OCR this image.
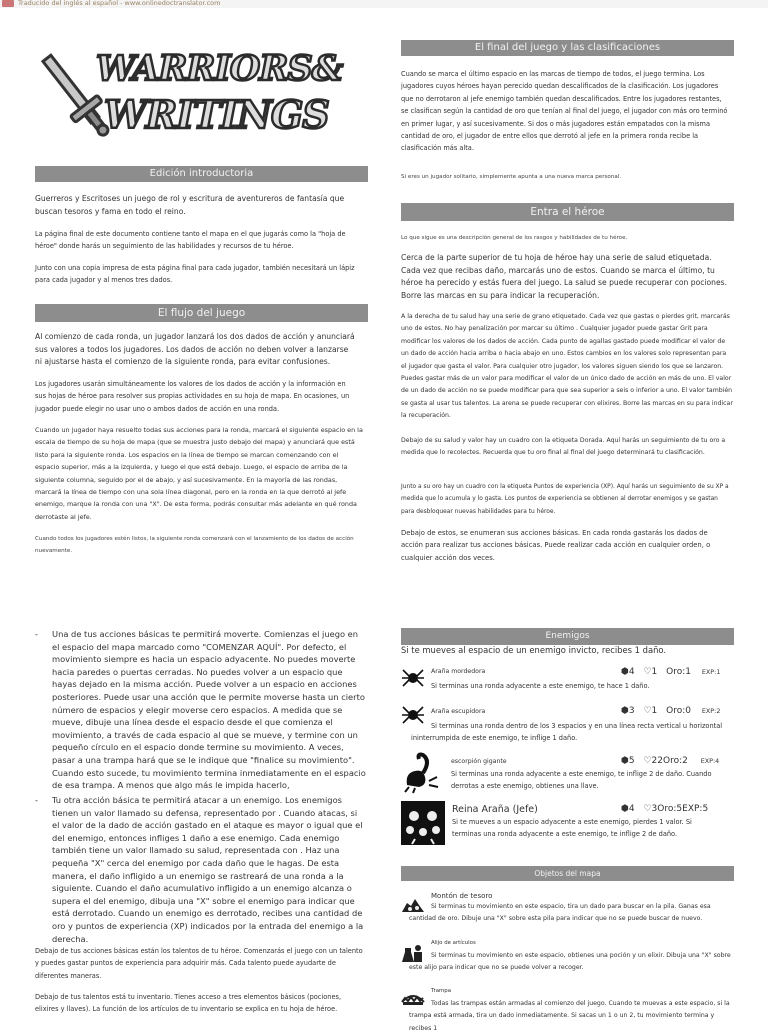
Traducido del inglés al español - www.onlinedoctranslator.com
WARRIORS&
WRITINGS
Edición introductoria
Guerreros y Escritoses un juego de rol y escritura de aventureros de fantasía que buscan tesoros y fama en todo el reino.
La página final de este documento contiene tanto el mapa en el que jugarás como la "hoja de héroe" donde harás un seguimiento de las habilidades y recursos de tu héroe.
Junto con una copia impresa de esta página final para cada jugador, también necesitará un lápiz para cada jugador y al menos tres dados.
El flujo del juego
Al comienzo de cada ronda, un jugador lanzará los dos dados de acción y anunciará sus valores a todos los jugadores. Los dados de acción no deben volver a lanzarse ni ajustarse hasta el comienzo de la siguiente ronda, para evitar confusiones.
Los jugadores usarán simultáneamente los valores de los dados de acción y la información en sus hojas de héroe para resolver sus propias actividades en su hoja de mapa. En ocasiones, un jugador puede elegir no usar uno o ambos dados de acción en una ronda.
Cuando un jugador haya resuelto todas sus acciones para la ronda, marcará el siguiente espacio en la escala de tiempo de su hoja de mapa (que se muestra justo debajo del mapa) y anunciará que está listo para la siguiente ronda. Los espacios en la línea de tiempo se marcan comenzando con el espacio superior, más a la izquierda, y luego el que está debajo. Luego, el espacio de arriba de la siguiente columna, seguido por el de abajo, y así sucesivamente. En la mayoría de las rondas, marcará la línea de tiempo con una sola línea diagonal, pero en la ronda en la que derrotó al jefe enemigo, marque la ronda con una "X". De esta forma, podrás consultar más adelante en qué ronda derrotaste al jefe.
Cuando todos los jugadores estén listos, la siguiente ronda comenzará con el lanzamiento de los dados de acción nuevamente.
- Una de tus acciones básicas te permitirá moverte. Comienzas el juego en el espacio del mapa marcado como "COMENZAR AQUÍ". Por defecto, el movimiento siempre es hacia un espacio adyacente. No puedes moverte hacia paredes o puertas cerradas. No puedes volver a un espacio que hayas dejado en la misma acción. Puede volver a un espacio en acciones posteriores. Puede usar una acción que le permite moverse hasta un cierto número de espacios y elegir moverse cero espacios. A medida que se mueve, dibuje una línea desde el espacio desde el que comienza el movimiento, a través de cada espacio al que se mueve, y termine con un pequeño círculo en el espacio donde termine su movimiento. A veces, pasar a una trampa hará que se le indique que "finalice su movimiento". Cuando esto sucede, tu movimiento termina inmediatamente en el espacio de esa trampa. A menos que algo más le impida hacerlo,
- Tu otra acción básica te permitirá atacar a un enemigo. Los enemigos tienen un valor llamado su defensa, representado por . Cuando atacas, si el valor de la dado de acción gastado en el ataque es mayor o igual que el del enemigo, entonces infliges 1 daño a ese enemigo. Cada enemigo también tiene un valor llamado su salud, representada con . Haz una pequeña "X" cerca del enemigo por cada daño que le hagas. De esta manera, el daño infligido a un enemigo se rastreará de una ronda a la siguiente. Cuando el daño acumulativo infligido a un enemigo alcanza o supera el del enemigo, dibuja una "X" sobre el enemigo para indicar que está derrotado. Cuando un enemigo es derrotado, recibes una cantidad de oro y puntos de experiencia (XP) indicados por la entrada del enemigo a la derecha.
Debajo de tus acciones básicas están los talentos de tu héroe. Comenzarás el juego con un talento y puedes gastar puntos de experiencia para adquirir más. Cada talento puede ayudarte de diferentes maneras.
Debajo de tus talentos está tu inventario. Tienes acceso a tres elementos básicos (pociones, elixires y llaves). La función de los artículos de tu inventario se explica en tu hoja de héroe.
El final del juego y las clasificaciones
Cuando se marca el último espacio en las marcas de tiempo de todos, el juego termina. Los jugadores cuyos héroes hayan perecido quedan descalificados de la clasificación. Los jugadores que no derrotaron al jefe enemigo también quedan descalificados. Entre los jugadores restantes, se clasifican según la cantidad de oro que tenían al final del juego, el jugador con más oro terminó en primer lugar, y así sucesivamente. Si dos o más jugadores están empatados con la misma cantidad de oro, el jugador de entre ellos que derrotó al jefe en la primera ronda recibe la clasificación más alta.
Si eres un jugador solitario, simplemente apunta a una nueva marca personal.
Entra el héroe
Lo que sigue es una descripción general de los rasgos y habilidades de tu héroe.
Cerca de la parte superior de tu hoja de héroe hay una serie de salud etiquetada. Cada vez que recibas daño, marcarás uno de estos. Cuando se marca el último, tu héroe ha perecido y estás fuera del juego. La salud se puede recuperar con pociones. Borre las marcas en su para indicar la recuperación.
A la derecha de tu salud hay una serie de grano etiquetado. Cada vez que gastas o pierdes grit, marcarás uno de estos. No hay penalización por marcar su último . Cualquier jugador puede gastar Grit para modificar los valores de los dados de acción. Cada punto de agallas gastado puede modificar el valor de un dado de acción hacia arriba o hacia abajo en uno. Estos cambios en los valores solo representan para el jugador que gasta el valor. Para cualquier otro jugador, los valores siguen siendo los que se lanzaron. Puedes gastar más de un valor para modificar el valor de un único dado de acción en más de uno. El valor de un dado de acción no se puede modificar para que sea superior a seis o inferior a uno. El valor también se gasta al usar tus talentos. La arena se puede recuperar con elixires. Borre las marcas en su para indicar la recuperación.
Debajo de su salud y valor hay un cuadro con la etiqueta Dorada. Aquí harás un seguimiento de tu oro a medida que lo recolectes. Recuerda que tu oro final al final del juego determinará tu clasificación.
Junto a su oro hay un cuadro con la etiqueta Puntos de experiencia (XP). Aquí harás un seguimiento de su XP a medida que lo acumula y lo gasta. Los puntos de experiencia se obtienen al derrotar enemigos y se gastan para desbloquear nuevas habilidades para tu héroe.
Debajo de estos, se enumeran sus acciones básicas. En cada ronda gastarás los dados de acción para realizar tus acciones básicas. Puede realizar cada acción en cualquier orden, o cualquier acción dos veces.
Enemigos
Si te mueves al espacio de un enemigo invicto, recibes 1 daño.
Araña mordedora	⬢4 ♡1 Oro:1 EXP:1
Si terminas una ronda adyacente a este enemigo, te hace 1 daño.
Araña escupidora	⬢3 ♡1 Oro:0 EXP:2
Si terminas una ronda dentro de los 3 espacios y en una línea recta vertical u horizontal ininterrumpida de este enemigo, te inflige 1 daño.
escorpión gigante	⬢5 ♡22Oro:2 EXP:4
Si terminas una ronda adyacente a este enemigo, te inflige 2 de daño. Cuando derrotas a este enemigo, obtienes una llave.
Reina Araña (Jefe)	⬢4 ♡3Oro:5EXP:5
Si te mueves a un espacio adyacente a este enemigo, pierdes 1 valor. Si terminas una ronda adyacente a este enemigo, te inflige 2 de daño.
Objetos del mapa
Montón de tesoro
Si terminas tu movimiento en este espacio, tira un dado para buscar en la pila. Ganas esa cantidad de oro. Dibuje una "X" sobre esta pila para indicar que no se puede buscar de nuevo.
Alijo de artículos
Si terminas tu movimiento en este espacio, obtienes una poción y un elixir. Dibuja una "X" sobre este alijo para indicar que no se puede volver a recoger.
Trampa
Todas las trampas están armadas al comienzo del juego. Cuando te muevas a este espacio, si la trampa está armada, tira un dado inmediatamente. Si sacas un 1 o un 2, tu movimiento termina y recibes 1
